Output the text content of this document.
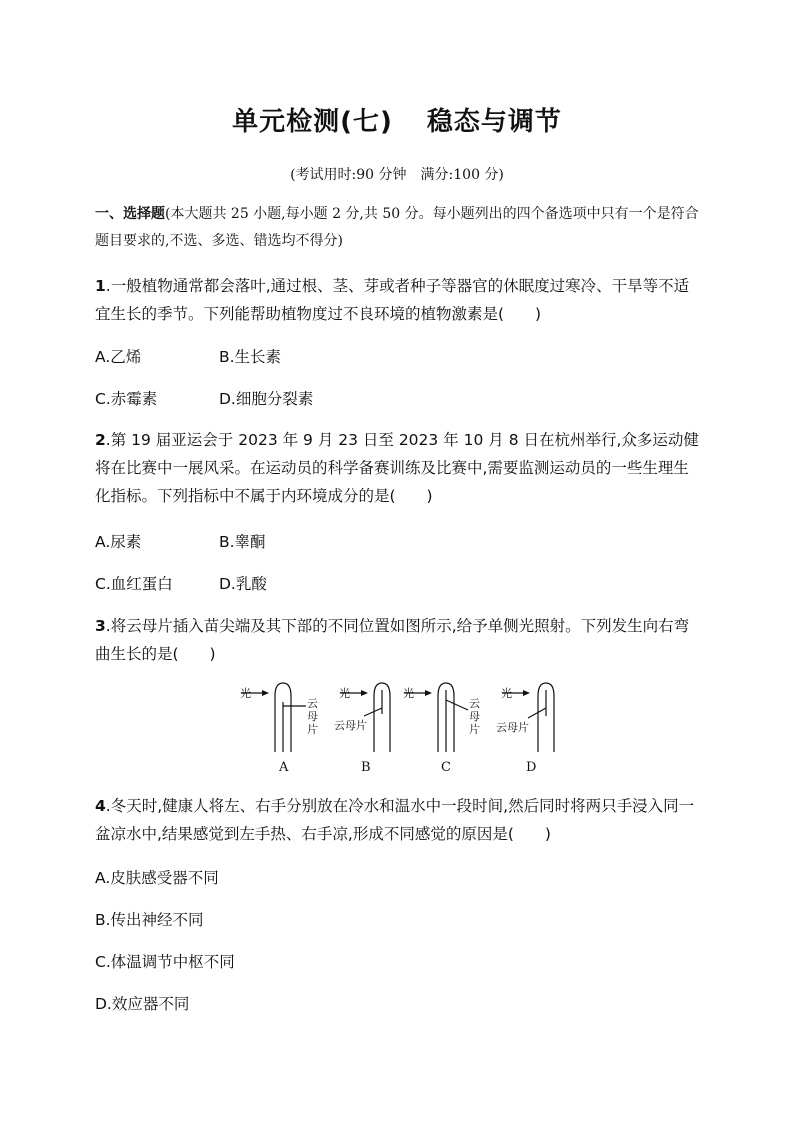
单元检测(七) 稳态与调节
(考试用时:90 分钟　满分:100 分)
一、选择题(本大题共 25 小题,每小题 2 分,共 50 分。每小题列出的四个备选项中只有一个是符合题目要求的,不选、多选、错选均不得分)
1.一般植物通常都会落叶,通过根、茎、芽或者种子等器官的休眠度过寒冷、干旱等不适宜生长的季节。下列能帮助植物度过不良环境的植物激素是(　　)
A.乙烯	B.生长素
C.赤霉素	D.细胞分裂素
2.第 19 届亚运会于 2023 年 9 月 23 日至 2023 年 10 月 8 日在杭州举行,众多运动健将在比赛中一展风采。在运动员的科学备赛训练及比赛中,需要监测运动员的一些生理生化指标。下列指标中不属于内环境成分的是(　　)
A.尿素	B.睾酮
C.血红蛋白	D.乳酸
3.将云母片插入苗尖端及其下部的不同位置如图所示,给予单侧光照射。下列发生向右弯曲生长的是(　　)
光	光	光	光
云母片 云母片
云母片 云母片
A	B	C	D
4.冬天时,健康人将左、右手分别放在冷水和温水中一段时间,然后同时将两只手浸入同一盆凉水中,结果感觉到左手热、右手凉,形成不同感觉的原因是(　　)
A.皮肤感受器不同
B.传出神经不同
C.体温调节中枢不同
D.效应器不同
